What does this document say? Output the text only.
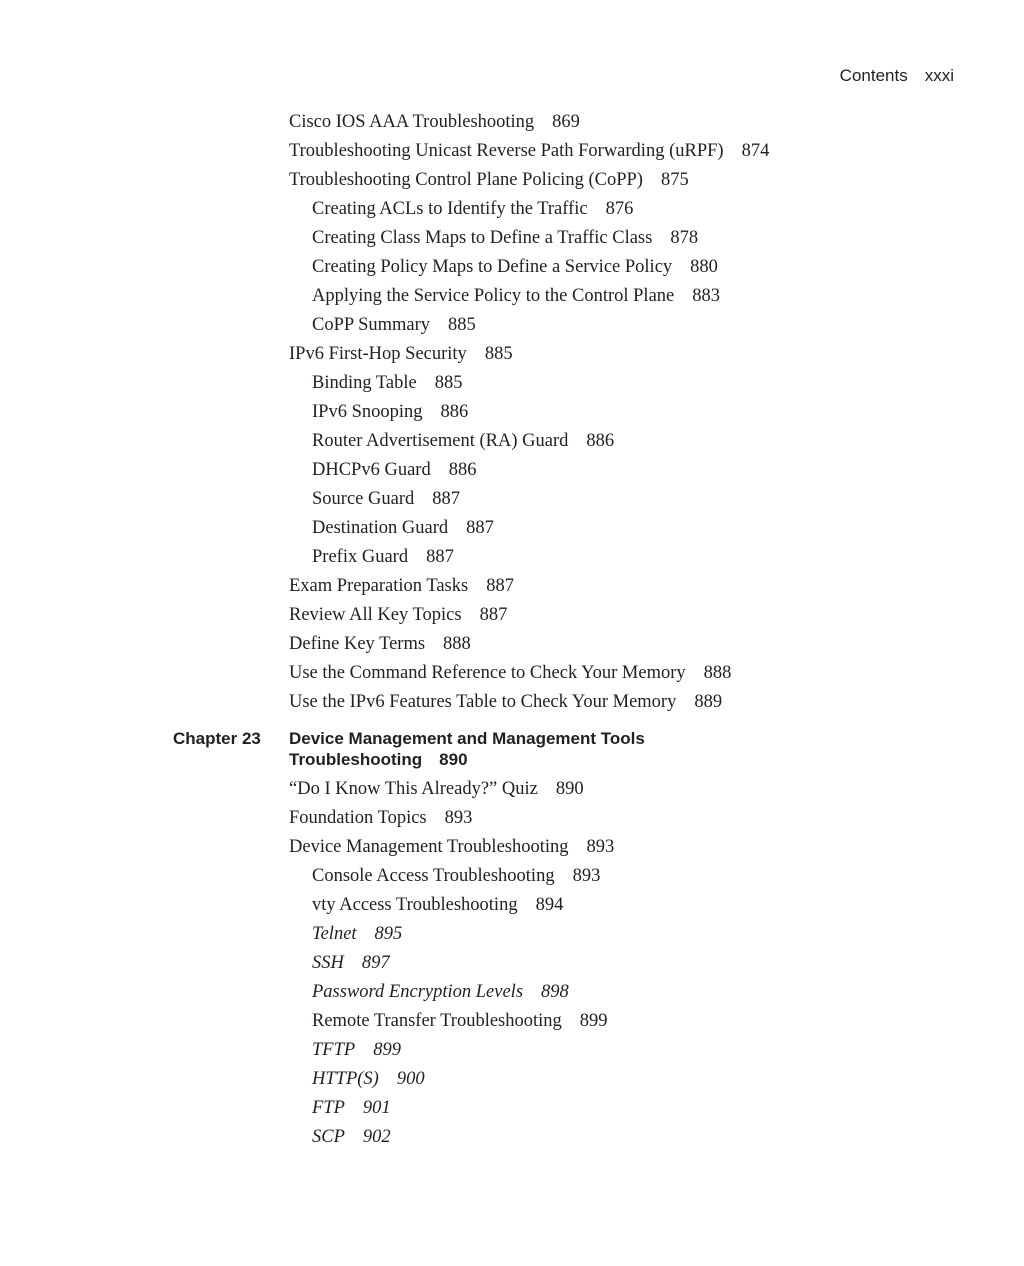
Contents xxxi
Cisco IOS AAA Troubleshooting 869
Troubleshooting Unicast Reverse Path Forwarding (uRPF) 874
Troubleshooting Control Plane Policing (CoPP) 875
Creating ACLs to Identify the Traffic 876
Creating Class Maps to Define a Traffic Class 878
Creating Policy Maps to Define a Service Policy 880
Applying the Service Policy to the Control Plane 883
CoPP Summary 885
IPv6 First-Hop Security 885
Binding Table 885
IPv6 Snooping 886
Router Advertisement (RA) Guard 886
DHCPv6 Guard 886
Source Guard 887
Destination Guard 887
Prefix Guard 887
Exam Preparation Tasks 887
Review All Key Topics 887
Define Key Terms 888
Use the Command Reference to Check Your Memory 888
Use the IPv6 Features Table to Check Your Memory 889
“Do I Know This Already?” Quiz 890
Foundation Topics 893
Device Management Troubleshooting 893
Console Access Troubleshooting 893
vty Access Troubleshooting 894
Telnet 895
SSH 897
Password Encryption Levels 898
Remote Transfer Troubleshooting 899
TFTP 899
HTTP(S) 900
FTP 901
SCP 902
Chapter 23 Device Management and Management Tools
Troubleshooting 890
